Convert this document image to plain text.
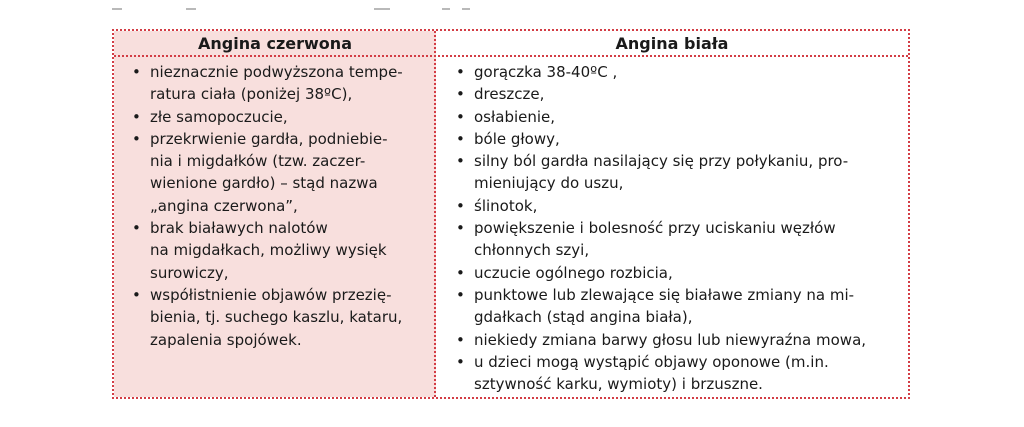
Angina czerwona	Angina biała
• nieznacznie podwyższona tempe-
ratura ciała (poniżej 38ºC),
• złe samopoczucie,
• przekrwienie gardła, podniebie-
nia i migdałków (tzw. zaczer-
wienione gardło) – stąd nazwa
„angina czerwona”,
• brak białawych nalotów
na migdałkach, możliwy wysięk
surowiczy,
• współistnienie objawów przezię-
bienia, tj. suchego kaszlu, kataru,
zapalenia spojówek.
• gorączka 38-40ºC ,
• dreszcze,
• osłabienie,
• bóle głowy,
• silny ból gardła nasilający się przy połykaniu, pro-
mieniujący do uszu,
• ślinotok,
• powiększenie i bolesność przy uciskaniu węzłów
chłonnych szyi,
• uczucie ogólnego rozbicia,
• punktowe lub zlewające się białawe zmiany na mi-
gdałkach (stąd angina biała),
• niekiedy zmiana barwy głosu lub niewyraźna mowa,
• u dzieci mogą wystąpić objawy oponowe (m.in.
sztywność karku, wymioty) i brzuszne.
